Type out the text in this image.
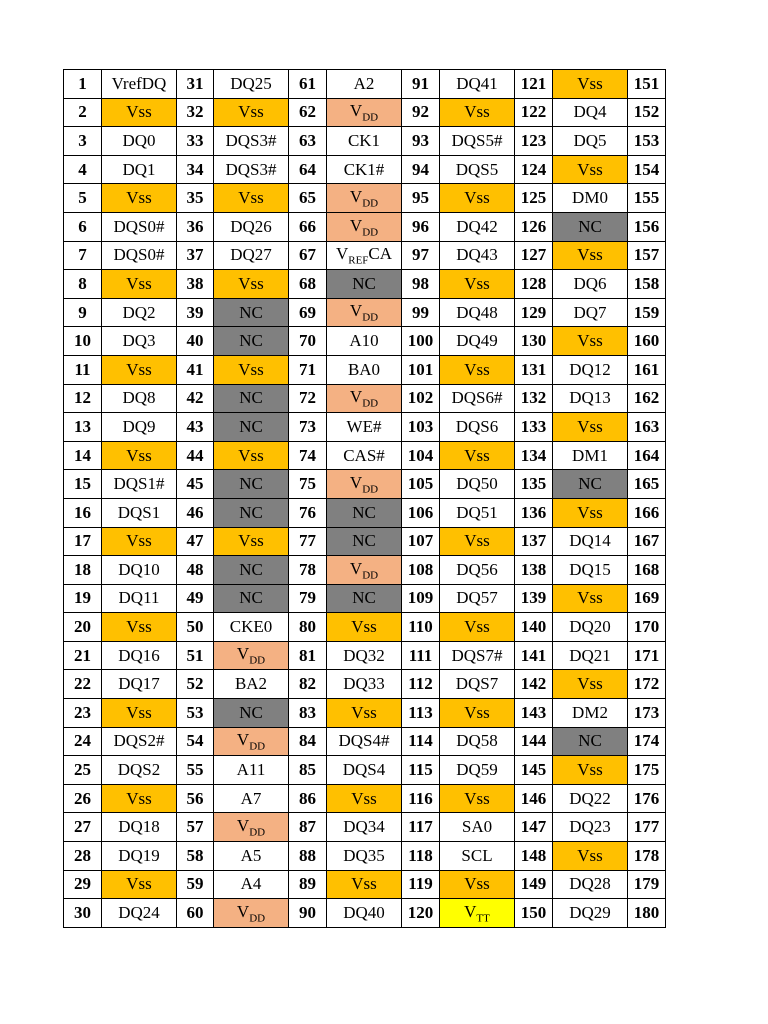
1	VrefDQ	31	DQ25	61	A2	91	DQ41	121	Vss	151
2	Vss	32	Vss	62	$V_{DD}$	92	Vss	122	DQ4	152
3	DQ0	33	DQS3#	63	CK1	93	DQS5#	123	DQ5	153
4	DQ1	34	DQS3#	64	CK1#	94	DQS5	124	Vss	154
5	Vss	35	Vss	65	$V_{DD}$	95	Vss	125	DM0	155
6	DQS0#	36	DQ26	66	$V_{DD}$	96	DQ42	126	NC	156
7	DQS0#	37	DQ27	67	$V_{REF}CA$	97	DQ43	127	Vss	157
8	Vss	38	Vss	68	NC	98	Vss	128	DQ6	158
9	DQ2	39	NC	69	$V_{DD}$	99	DQ48	129	DQ7	159
10	DQ3	40	NC	70	A10	100	DQ49	130	Vss	160
11	Vss	41	Vss	71	BA0	101	Vss	131	DQ12	161
12	DQ8	42	NC	72	$V_{DD}$	102	DQS6#	132	DQ13	162
13	DQ9	43	NC	73	WE#	103	DQS6	133	Vss	163
14	Vss	44	Vss	74	CAS#	104	Vss	134	DM1	164
15	DQS1#	45	NC	75	$V_{DD}$	105	DQ50	135	NC	165
16	DQS1	46	NC	76	NC	106	DQ51	136	Vss	166
17	Vss	47	Vss	77	NC	107	Vss	137	DQ14	167
18	DQ10	48	NC	78	$V_{DD}$	108	DQ56	138	DQ15	168
19	DQ11	49	NC	79	NC	109	DQ57	139	Vss	169
20	Vss	50	CKE0	80	Vss	110	Vss	140	DQ20	170
21	DQ16	51	$V_{DD}$	81	DQ32	111	DQS7#	141	DQ21	171
22	DQ17	52	BA2	82	DQ33	112	DQS7	142	Vss	172
23	Vss	53	NC	83	Vss	113	Vss	143	DM2	173
24	DQS2#	54	$V_{DD}$	84	DQS4#	114	DQ58	144	NC	174
25	DQS2	55	A11	85	DQS4	115	DQ59	145	Vss	175
26	Vss	56	A7	86	Vss	116	Vss	146	DQ22	176
27	DQ18	57	$V_{DD}$	87	DQ34	117	SA0	147	DQ23	177
28	DQ19	58	A5	88	DQ35	118	SCL	148	Vss	178
29	Vss	59	A4	89	Vss	119	Vss	149	DQ28	179
30	DQ24	60	$V_{DD}$	90	DQ40	120	$V_{TT}$	150	DQ29	180
